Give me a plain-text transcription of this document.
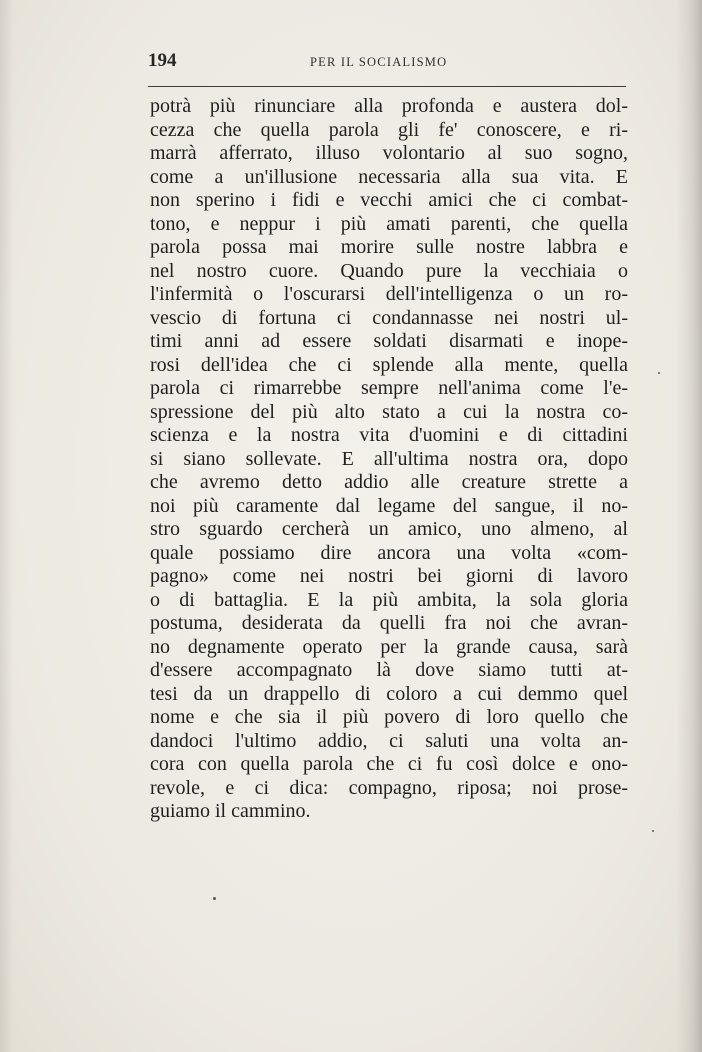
194	PER IL SOCIALISMO
potrà più rinunciare alla profonda e austera dol-
cezza che quella parola gli fe' conoscere, e ri-
marrà afferrato, illuso volontario al suo sogno,
come a un'illusione necessaria alla sua vita. E
non sperino i fidi e vecchi amici che ci combat-
tono, e neppur i più amati parenti, che quella
parola possa mai morire sulle nostre labbra e
nel nostro cuore. Quando pure la vecchiaia o
l'infermità o l'oscurarsi dell'intelligenza o un ro-
vescio di fortuna ci condannasse nei nostri ul-
timi anni ad essere soldati disarmati e inope-
rosi dell'idea che ci splende alla mente, quella
parola ci rimarrebbe sempre nell'anima come l'e-
spressione del più alto stato a cui la nostra co-
scienza e la nostra vita d'uomini e di cittadini
si siano sollevate. E all'ultima nostra ora, dopo
che avremo detto addio alle creature strette a
noi più caramente dal legame del sangue, il no-
stro sguardo cercherà un amico, uno almeno, al
quale possiamo dire ancora una volta «com-
pagno» come nei nostri bei giorni di lavoro
o di battaglia. E la più ambita, la sola gloria
postuma, desiderata da quelli fra noi che avran-
no degnamente operato per la grande causa, sarà
d'essere accompagnato là dove siamo tutti at-
tesi da un drappello di coloro a cui demmo quel
nome e che sia il più povero di loro quello che
dandoci l'ultimo addio, ci saluti una volta an-
cora con quella parola che ci fu così dolce e ono-
revole, e ci dica: compagno, riposa; noi prose-
guiamo il cammino.
